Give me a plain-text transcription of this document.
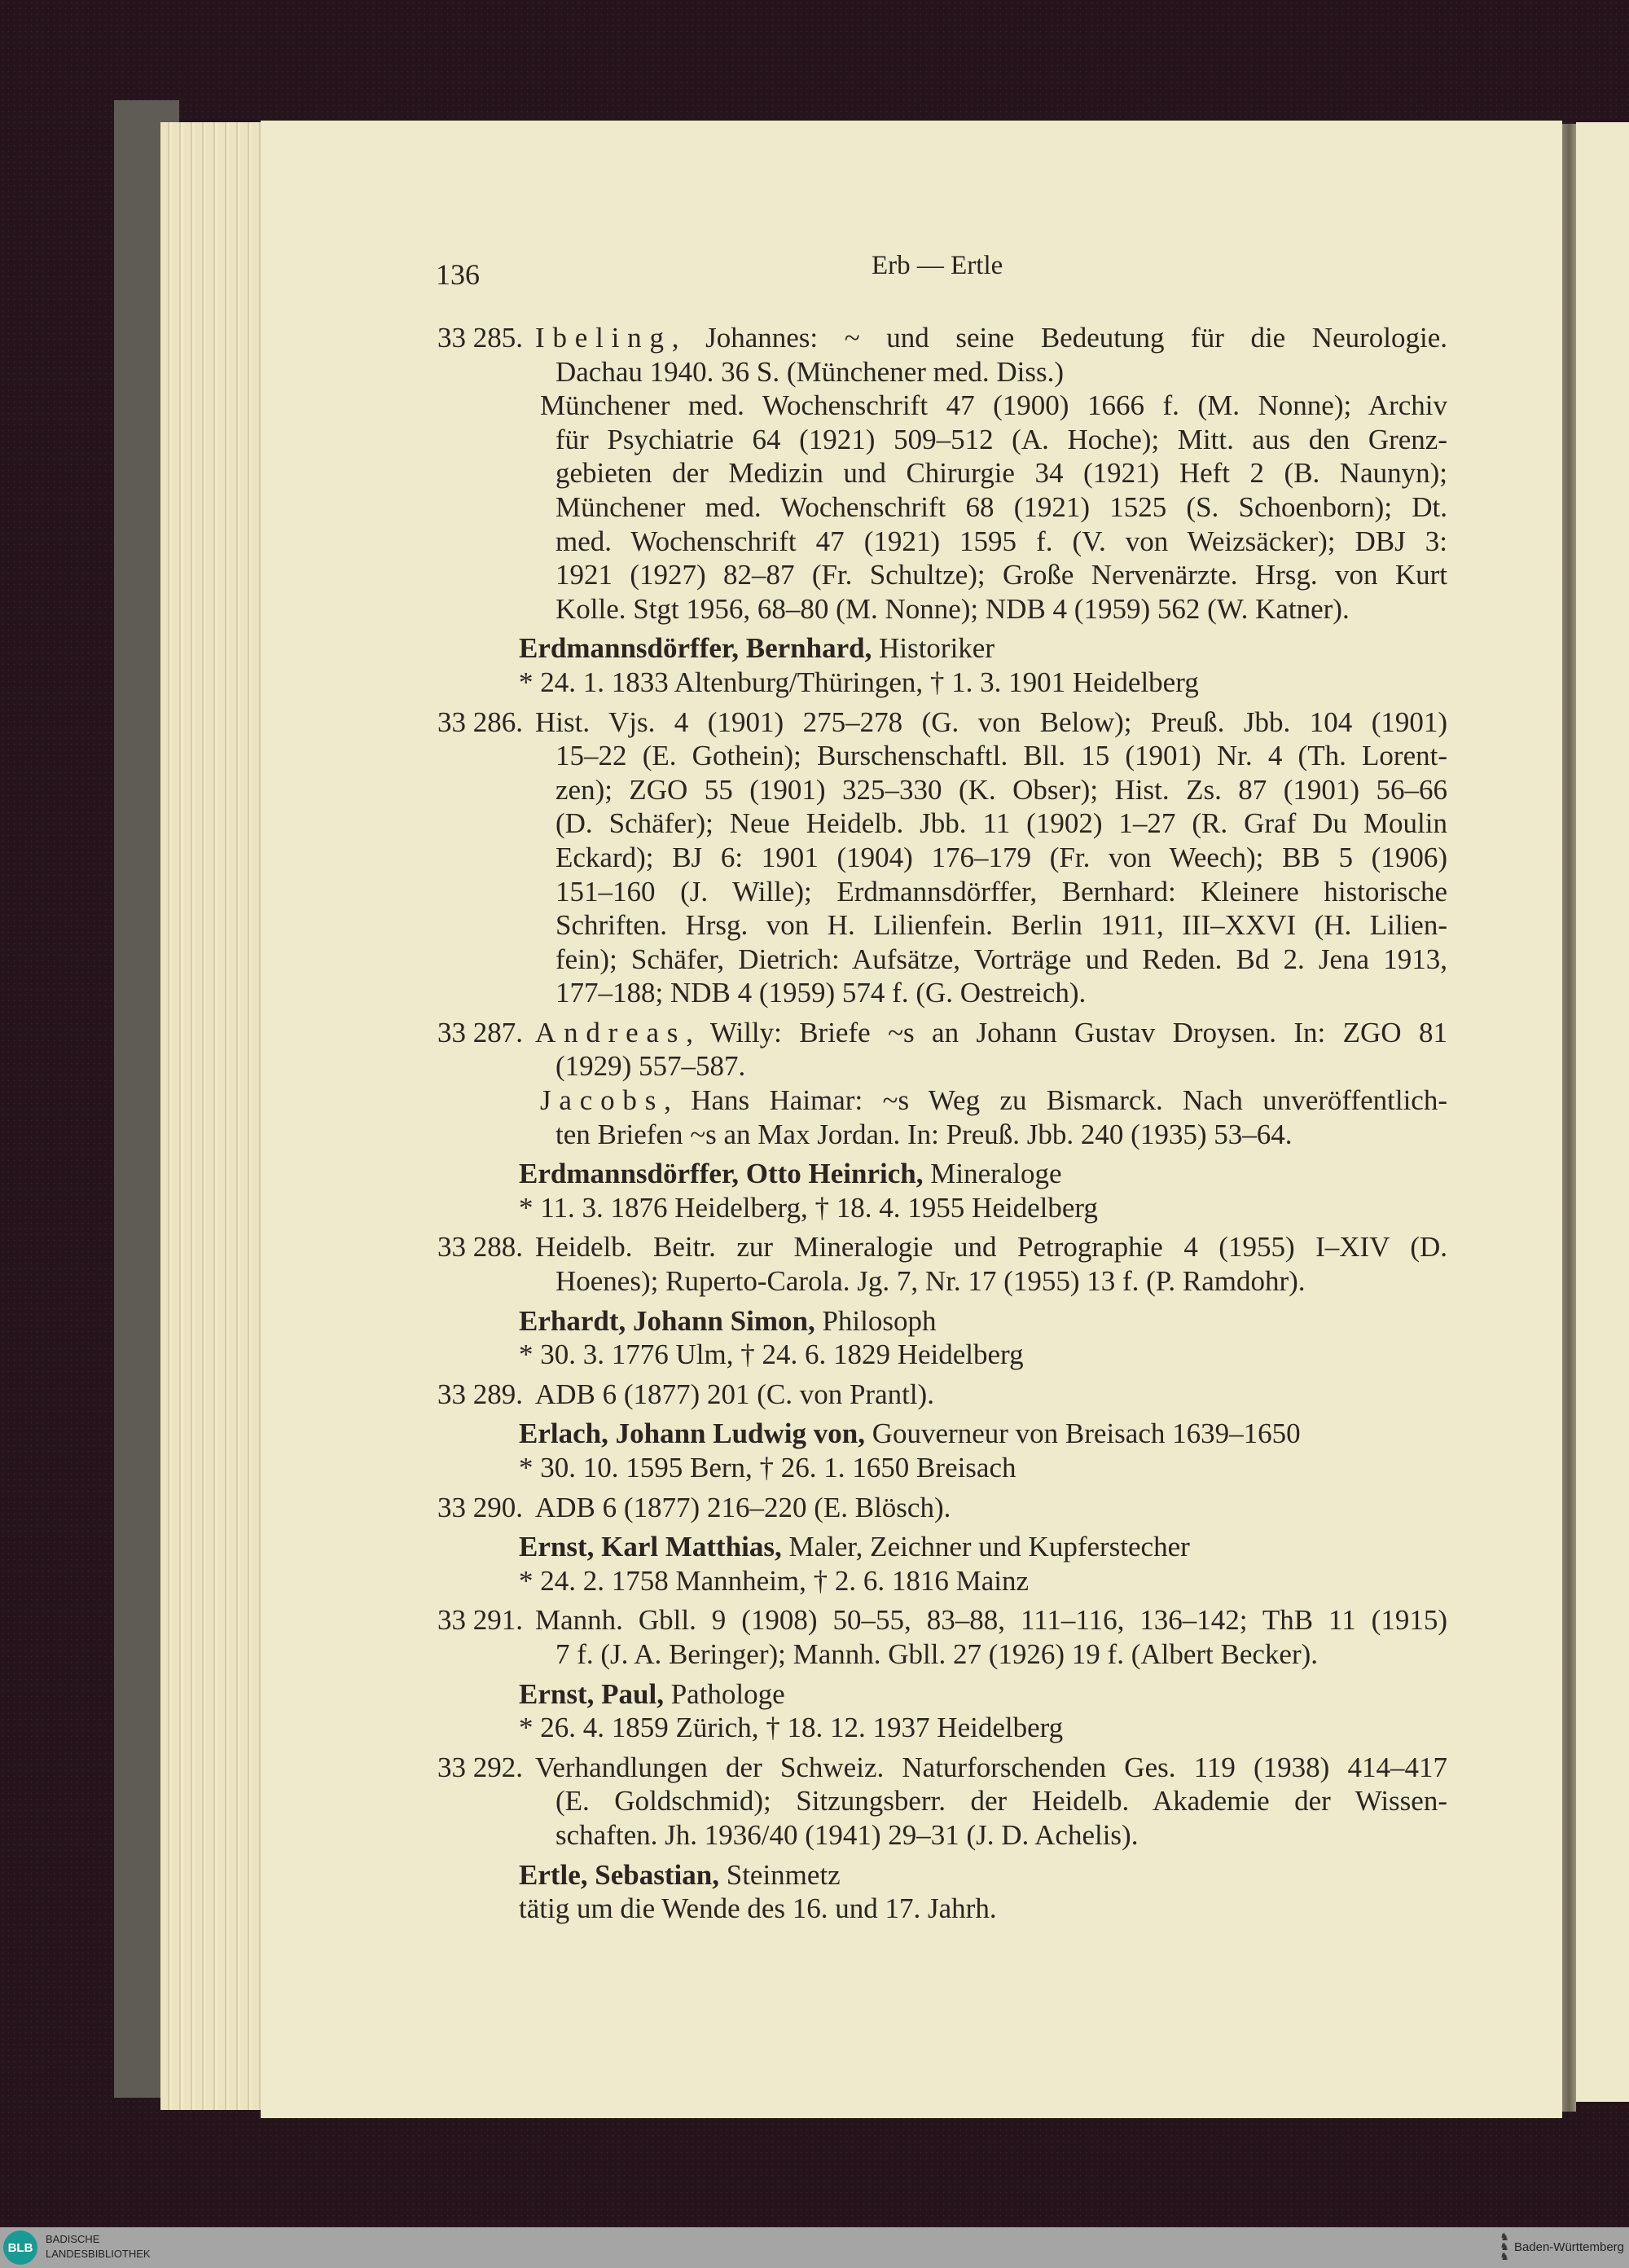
136	Erb — Ertle
33 285. Ibeling, Johannes: ~ und seine Bedeutung für die Neurologie.
Dachau 1940. 36 S. (Münchener med. Diss.)
Münchener med. Wochenschrift 47 (1900) 1666 f. (M. Nonne); Archiv
für Psychiatrie 64 (1921) 509–512 (A. Hoche); Mitt. aus den Grenz-
gebieten der Medizin und Chirurgie 34 (1921) Heft 2 (B. Naunyn);
Münchener med. Wochenschrift 68 (1921) 1525 (S. Schoenborn); Dt.
med. Wochenschrift 47 (1921) 1595 f. (V. von Weizsäcker); DBJ 3:
1921 (1927) 82–87 (Fr. Schultze); Große Nervenärzte. Hrsg. von Kurt
Kolle. Stgt 1956, 68–80 (M. Nonne); NDB 4 (1959) 562 (W. Katner).
Erdmannsdörffer, Bernhard, Historiker
* 24. 1. 1833 Altenburg/Thüringen, † 1. 3. 1901 Heidelberg
33 286. Hist. Vjs. 4 (1901) 275–278 (G. von Below); Preuß. Jbb. 104 (1901)
15–22 (E. Gothein); Burschenschaftl. Bll. 15 (1901) Nr. 4 (Th. Lorent-
zen); ZGO 55 (1901) 325–330 (K. Obser); Hist. Zs. 87 (1901) 56–66
(D. Schäfer); Neue Heidelb. Jbb. 11 (1902) 1–27 (R. Graf Du Moulin
Eckard); BJ 6: 1901 (1904) 176–179 (Fr. von Weech); BB 5 (1906)
151–160 (J. Wille); Erdmannsdörffer, Bernhard: Kleinere historische
Schriften. Hrsg. von H. Lilienfein. Berlin 1911, III–XXVI (H. Lilien-
fein); Schäfer, Dietrich: Aufsätze, Vorträge und Reden. Bd 2. Jena 1913,
177–188; NDB 4 (1959) 574 f. (G. Oestreich).
33 287. Andreas, Willy: Briefe ~s an Johann Gustav Droysen. In: ZGO 81
(1929) 557–587.
Jacobs, Hans Haimar: ~s Weg zu Bismarck. Nach unveröffentlich-
ten Briefen ~s an Max Jordan. In: Preuß. Jbb. 240 (1935) 53–64.
Erdmannsdörffer, Otto Heinrich, Mineraloge
* 11. 3. 1876 Heidelberg, † 18. 4. 1955 Heidelberg
33 288. Heidelb. Beitr. zur Mineralogie und Petrographie 4 (1955) I–XIV (D.
Hoenes); Ruperto-Carola. Jg. 7, Nr. 17 (1955) 13 f. (P. Ramdohr).
Erhardt, Johann Simon, Philosoph
* 30. 3. 1776 Ulm, † 24. 6. 1829 Heidelberg
33 289. ADB 6 (1877) 201 (C. von Prantl).
Erlach, Johann Ludwig von, Gouverneur von Breisach 1639–1650
* 30. 10. 1595 Bern, † 26. 1. 1650 Breisach
33 290. ADB 6 (1877) 216–220 (E. Blösch).
Ernst, Karl Matthias, Maler, Zeichner und Kupferstecher
* 24. 2. 1758 Mannheim, † 2. 6. 1816 Mainz
33 291. Mannh. Gbll. 9 (1908) 50–55, 83–88, 111–116, 136–142; ThB 11 (1915)
7 f. (J. A. Beringer); Mannh. Gbll. 27 (1926) 19 f. (Albert Becker).
Ernst, Paul, Pathologe
* 26. 4. 1859 Zürich, † 18. 12. 1937 Heidelberg
33 292. Verhandlungen der Schweiz. Naturforschenden Ges. 119 (1938) 414–417
(E. Goldschmid); Sitzungsberr. der Heidelb. Akademie der Wissen-
schaften. Jh. 1936/40 (1941) 29–31 (J. D. Achelis).
Ertle, Sebastian, Steinmetz
tätig um die Wende des 16. und 17. Jahrh.
BLB
BADISCHE
LANDESBIBLIOTHEK
♞
♞
♞
Baden-Württemberg
